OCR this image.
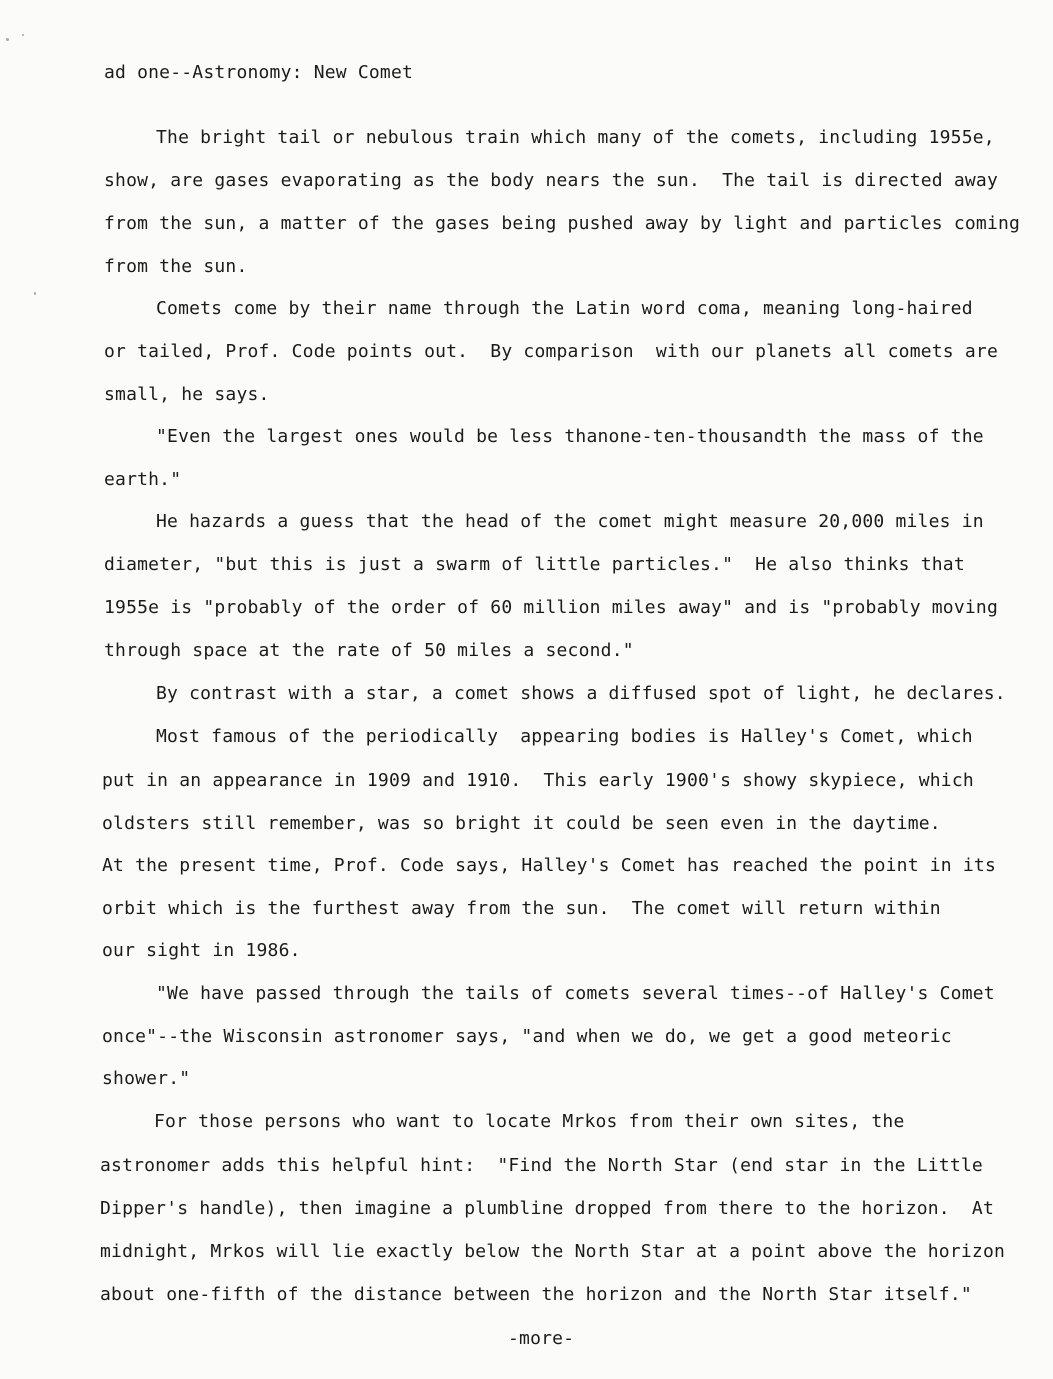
ad one--Astronomy: New Comet
The bright tail or nebulous train which many of the comets, including 1955e,
show, are gases evaporating as the body nears the sun.  The tail is directed away
from the sun, a matter of the gases being pushed away by light and particles coming
from the sun.
Comets come by their name through the Latin word coma, meaning long-haired
or tailed, Prof. Code points out.  By comparison  with our planets all comets are
small, he says.
"Even the largest ones would be less thanone-ten-thousandth the mass of the
earth."
He hazards a guess that the head of the comet might measure 20,000 miles in
diameter, "but this is just a swarm of little particles."  He also thinks that
1955e is "probably of the order of 60 million miles away" and is "probably moving
through space at the rate of 50 miles a second."
By contrast with a star, a comet shows a diffused spot of light, he declares.
Most famous of the periodically  appearing bodies is Halley's Comet, which
put in an appearance in 1909 and 1910.  This early 1900's showy skypiece, which
oldsters still remember, was so bright it could be seen even in the daytime.
At the present time, Prof. Code says, Halley's Comet has reached the point in its
orbit which is the furthest away from the sun.  The comet will return within
our sight in 1986.
"We have passed through the tails of comets several times--of Halley's Comet
once"--the Wisconsin astronomer says, "and when we do, we get a good meteoric
shower."
For those persons who want to locate Mrkos from their own sites, the
astronomer adds this helpful hint:  "Find the North Star (end star in the Little
Dipper's handle), then imagine a plumbline dropped from there to the horizon.  At
midnight, Mrkos will lie exactly below the North Star at a point above the horizon
about one-fifth of the distance between the horizon and the North Star itself."
-more-
